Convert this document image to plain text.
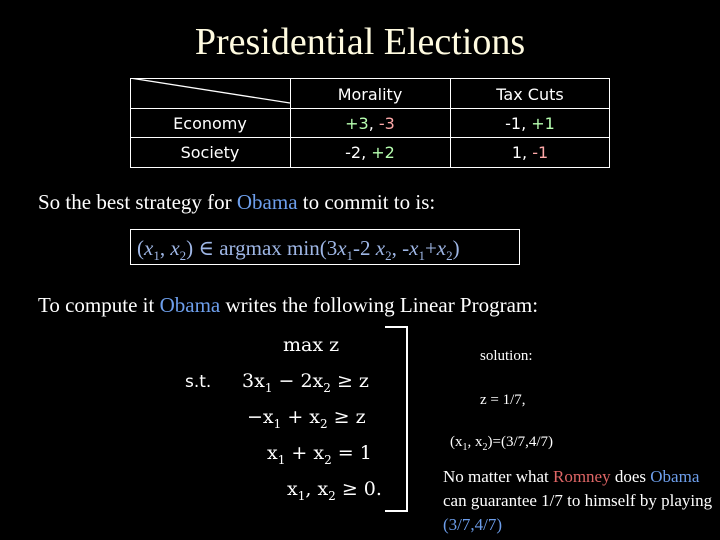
Presidential Elections
Morality	Tax Cuts
Economy	+3, -3	-1, +1
Society	-2, +2	1, -1
So the best strategy for Obama to commit to is:
($x_1$, $x_2$) ∈ argmax $\min(3x_1-2$ $x_2$, $-x_1+x_2$)
To compute it Obama writes the following Linear Program:
max z
s.t. $3x_1 - 2x_2 \ge z$
$-x_1 + x_2 \ge z$
$x_1 + x_2 = 1$
$x_1$, $x_2 \ge 0$.
solution:
z = 1/7,
($x_1$, $x_2)=(3/7,4/7)$
No matter what Romney does Obama can guarantee 1/7 to himself by playing (3/7,4/7)
